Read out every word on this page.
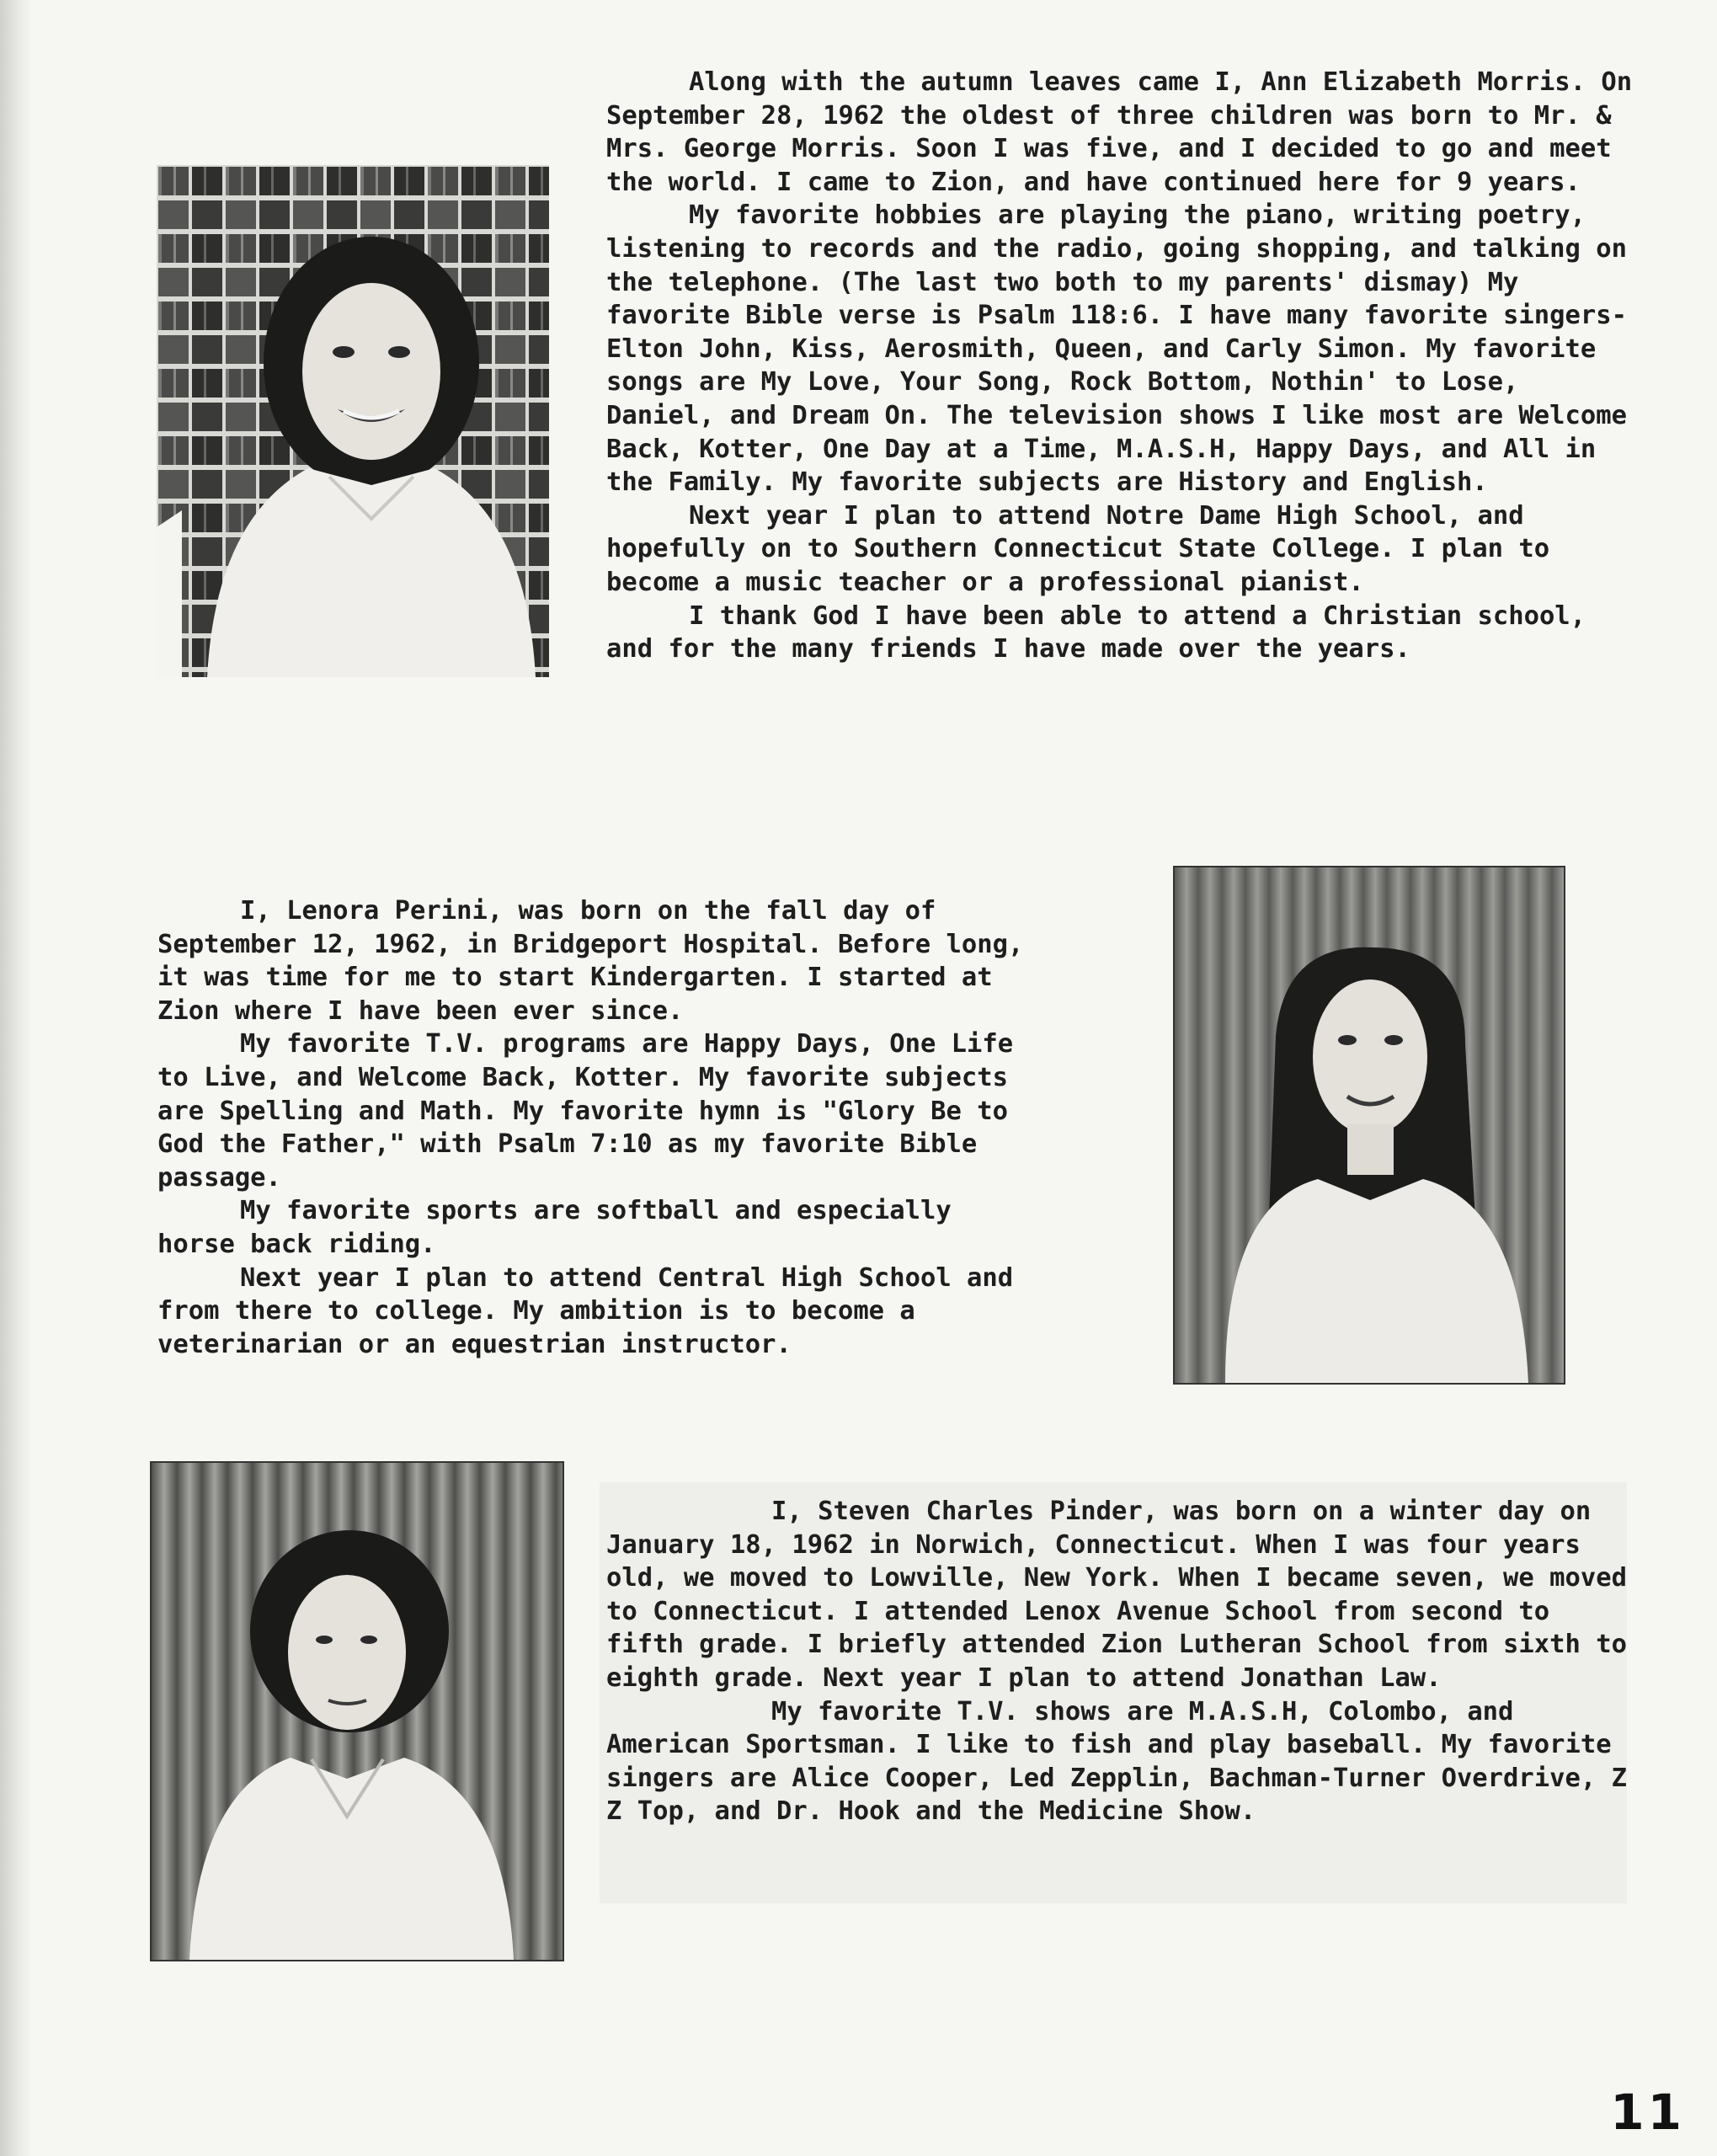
Along with the autumn leaves came I, Ann Elizabeth Morris. On September 28, 1962 the oldest of three children was born to Mr. & Mrs. George Morris. Soon I was five, and I decided to go and meet the world. I came to Zion, and have continued here for 9 years.

My favorite hobbies are playing the piano, writing poetry, listening to records and the radio, going shopping, and talking on the telephone. (The last two both to my parents' dismay) My favorite Bible verse is Psalm 118:6. I have many favorite singers-Elton John, Kiss, Aerosmith, Queen, and Carly Simon. My favorite songs are My Love, Your Song, Rock Bottom, Nothin' to Lose, Daniel, and Dream On. The television shows I like most are Welcome Back, Kotter, One Day at a Time, M.A.S.H, Happy Days, and All in the Family. My favorite subjects are History and English.

Next year I plan to attend Notre Dame High School, and hopefully on to Southern Connecticut State College. I plan to become a music teacher or a professional pianist.

I thank God I have been able to attend a Christian school, and for the many friends I have made over the years.

I, Lenora Perini, was born on the fall day of September 12, 1962, in Bridgeport Hospital. Before long, it was time for me to start Kindergarten. I started at Zion where I have been ever since.

My favorite T.V. programs are Happy Days, One Life to Live, and Welcome Back, Kotter. My favorite subjects are Spelling and Math. My favorite hymn is "Glory Be to God the Father," with Psalm 7:10 as my favorite Bible passage.

My favorite sports are softball and especially horse back riding.

Next year I plan to attend Central High School and from there to college. My ambition is to become a veterinarian or an equestrian instructor.

I, Steven Charles Pinder, was born on a winter day on January 18, 1962 in Norwich, Connecticut. When I was four years old, we moved to Lowville, New York. When I became seven, we moved to Connecticut. I attended Lenox Avenue School from second to fifth grade. I briefly attended Zion Lutheran School from sixth to eighth grade. Next year I plan to attend Jonathan Law.

My favorite T.V. shows are M.A.S.H, Colombo, and American Sportsman. I like to fish and play baseball. My favorite singers are Alice Cooper, Led Zepplin, Bachman-Turner Overdrive, Z Z Top, and Dr. Hook and the Medicine Show.

11
